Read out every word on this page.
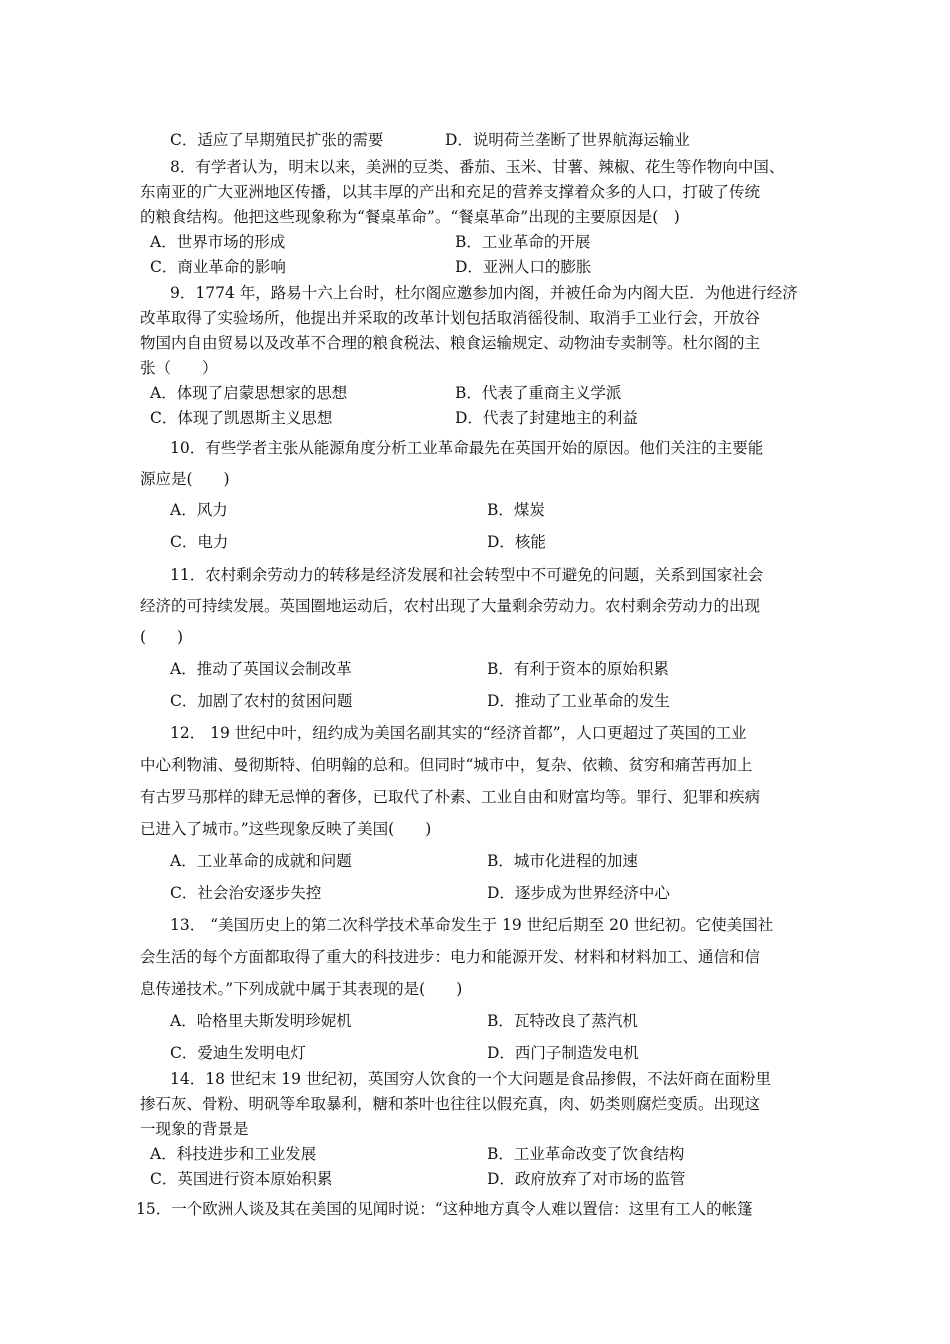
C．适应了早期殖民扩张的需要	D．说明荷兰垄断了世界航海运输业
8．有学者认为，明末以来，美洲的豆类、番茄、玉米、甘薯、辣椒、花生等作物向中国、
东南亚的广大亚洲地区传播，以其丰厚的产出和充足的营养支撑着众多的人口，打破了传统
的粮食结构。他把这些现象称为“餐桌革命”。“餐桌革命”出现的主要原因是(　)
A．世界市场的形成	B．工业革命的开展
C．商业革命的影响	D．亚洲人口的膨胀
9．1774 年，路易十六上台时，杜尔阁应邀参加内阁，并被任命为内阁大臣．为他进行经济
改革取得了实验场所，他提出并采取的改革计划包括取消徭役制、取消手工业行会，开放谷
物国内自由贸易以及改革不合理的粮食税法、粮食运输规定、动物油专卖制等。杜尔阁的主
张（　　）
A．体现了启蒙思想家的思想	B．代表了重商主义学派
C．体现了凯恩斯主义思想	D．代表了封建地主的利益
10．有些学者主张从能源角度分析工业革命最先在英国开始的原因。他们关注的主要能
源应是(　　)
A．风力	B．煤炭
C．电力	D．核能
11．农村剩余劳动力的转移是经济发展和社会转型中不可避免的问题，关系到国家社会
经济的可持续发展。英国圈地运动后，农村出现了大量剩余劳动力。农村剩余劳动力的出现
(　　)
A．推动了英国议会制改革	B．有利于资本的原始积累
C．加剧了农村的贫困问题	D．推动了工业革命的发生
12． 19 世纪中叶，纽约成为美国名副其实的“经济首都”，人口更超过了英国的工业
中心利物浦、曼彻斯特、伯明翰的总和。但同时“城市中，复杂、依赖、贫穷和痛苦再加上
有古罗马那样的肆无忌惮的奢侈，已取代了朴素、工业自由和财富均等。罪行、犯罪和疾病
已进入了城市。”这些现象反映了美国(　　)
A．工业革命的成就和问题	B．城市化进程的加速
C．社会治安逐步失控	D．逐步成为世界经济中心
13． “美国历史上的第二次科学技术革命发生于 19 世纪后期至 20 世纪初。它使美国社
会生活的每个方面都取得了重大的科技进步：电力和能源开发、材料和材料加工、通信和信
息传递技术。”下列成就中属于其表现的是(　　)
A．哈格里夫斯发明珍妮机	B．瓦特改良了蒸汽机
C．爱迪生发明电灯	D．西门子制造发电机
14．18 世纪末 19 世纪初，英国穷人饮食的一个大问题是食品掺假，不法奸商在面粉里
掺石灰、骨粉、明矾等牟取暴利，糖和茶叶也往往以假充真，肉、奶类则腐烂变质。出现这
一现象的背景是
A．科技进步和工业发展	B．工业革命改变了饮食结构
C．英国进行资本原始积累	D．政府放弃了对市场的监管
15．一个欧洲人谈及其在美国的见闻时说：“这种地方真令人难以置信：这里有工人的帐篷
